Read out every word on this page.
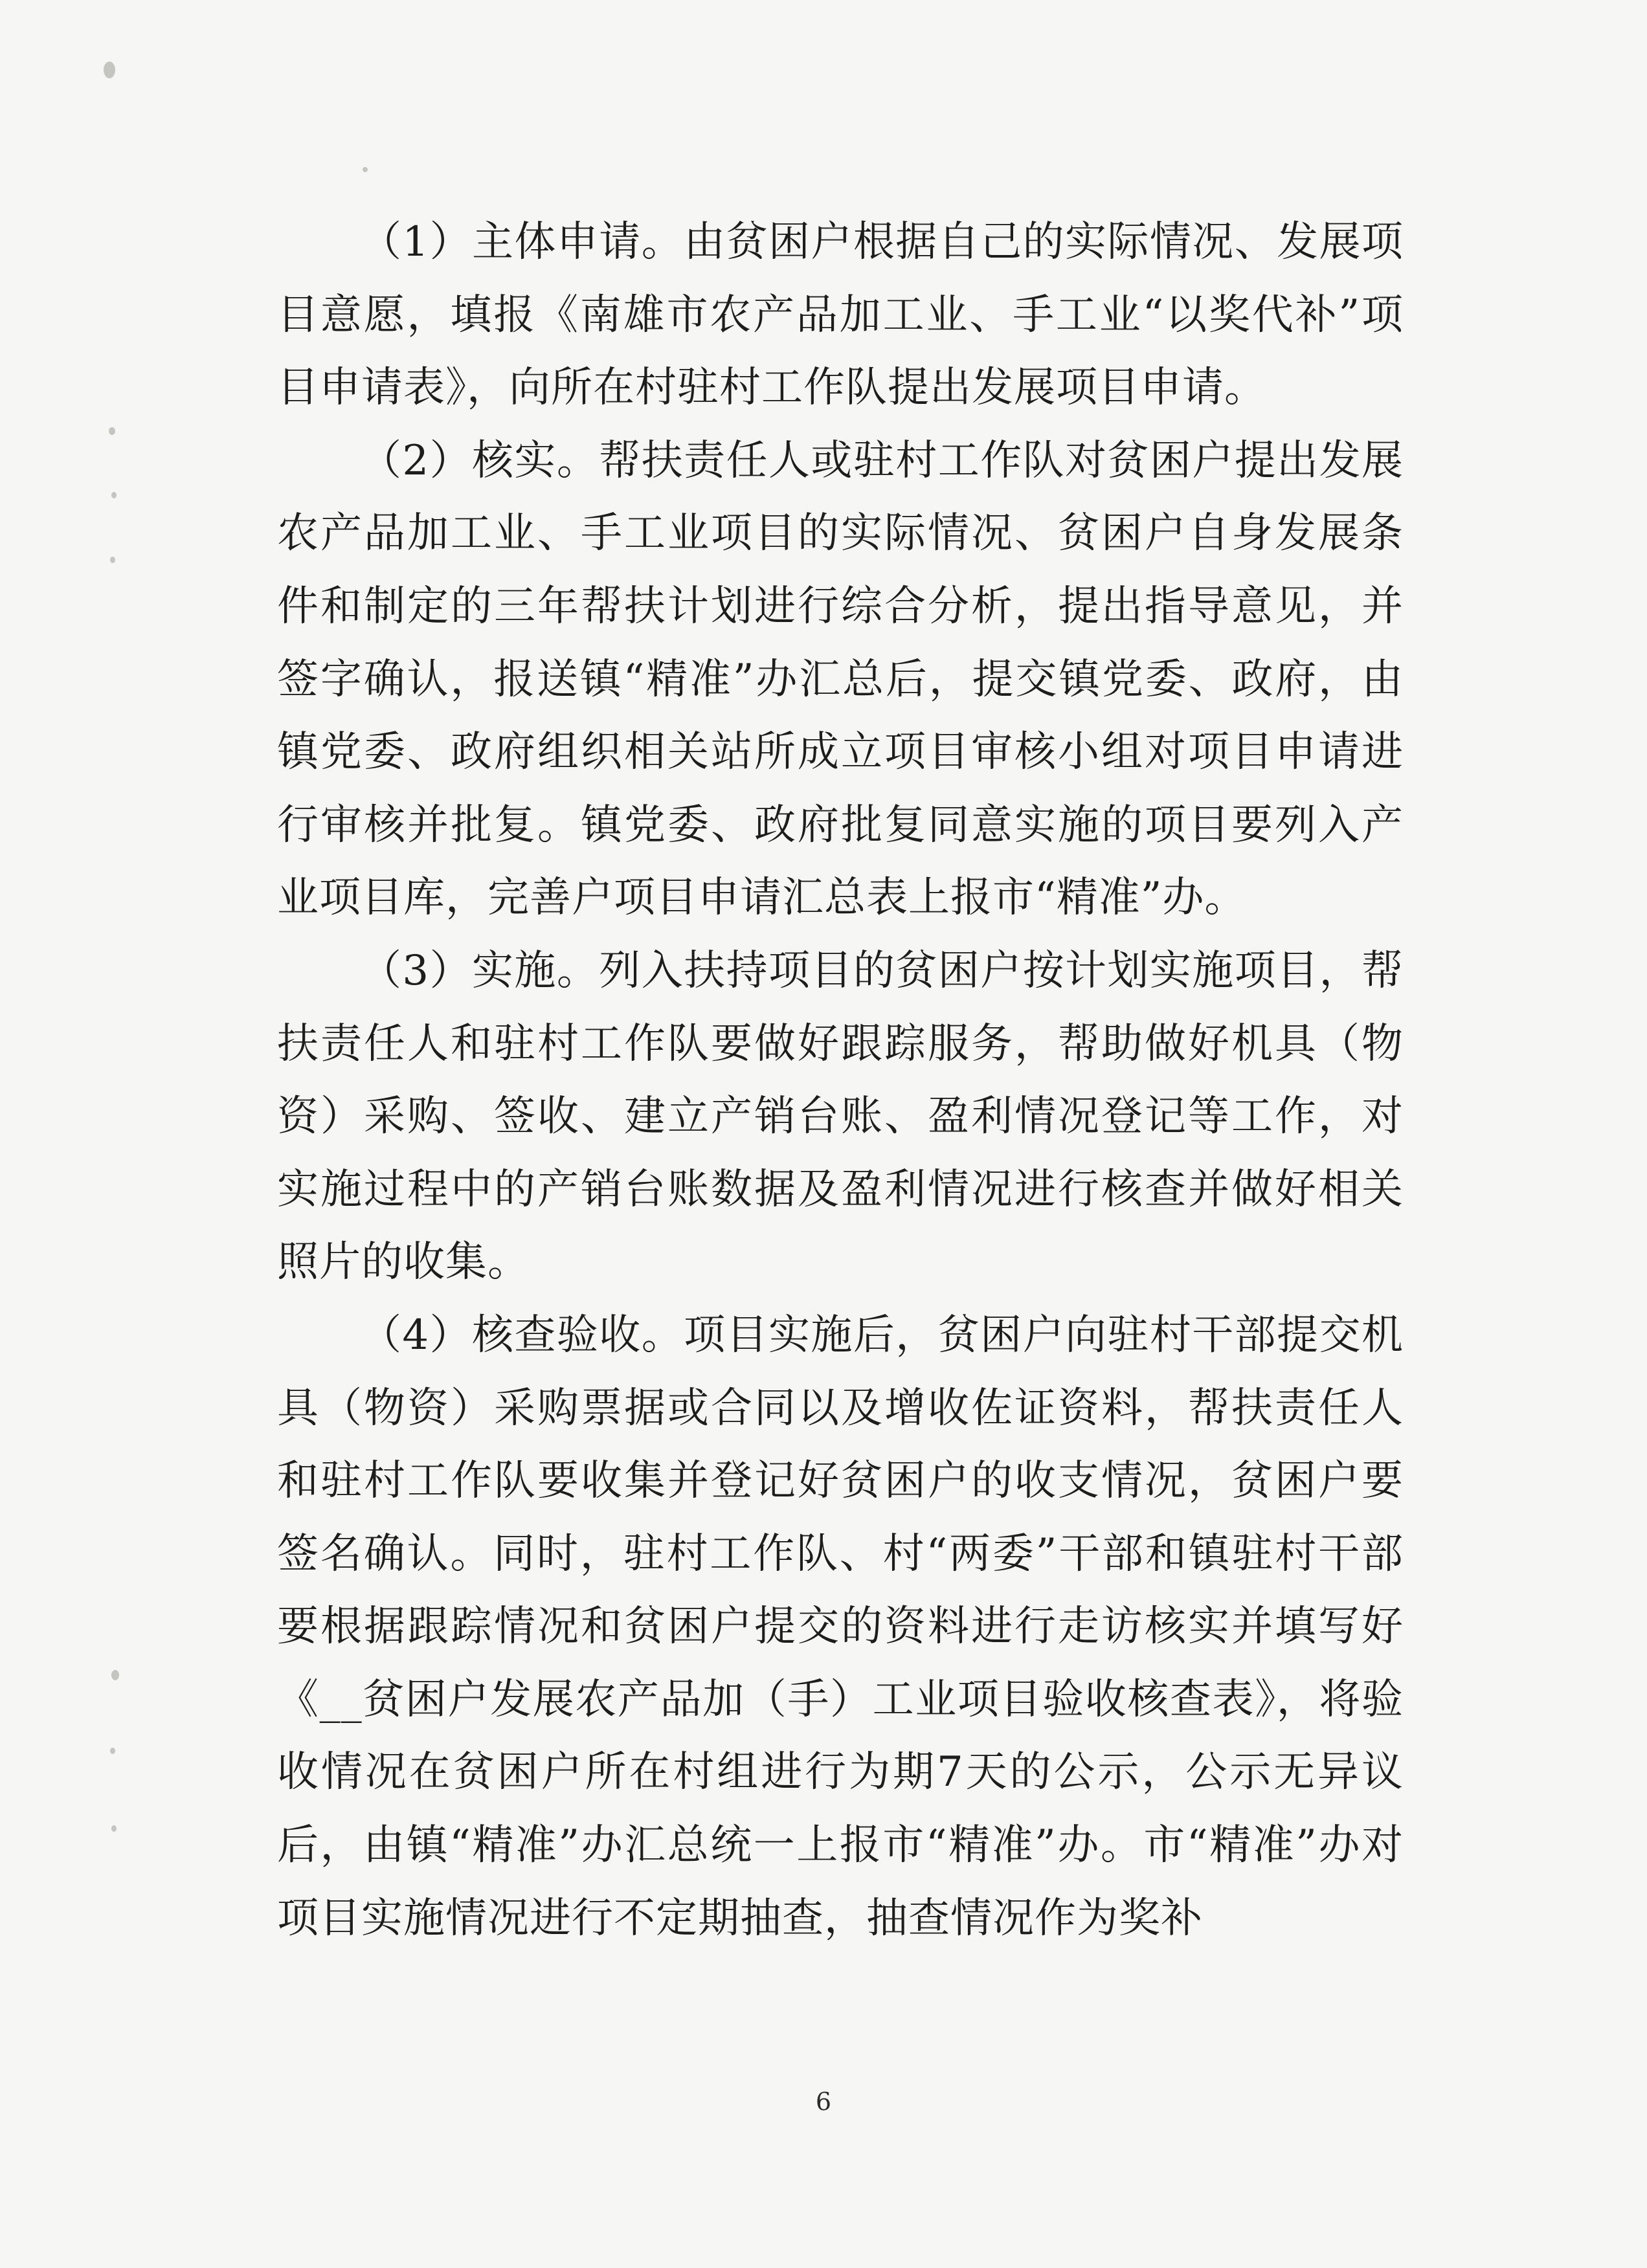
（1）主体申请。由贫困户根据自己的实际情况、发展项目意愿，填报《南雄市农产品加工业、手工业“以奖代补”项目申请表》，向所在村驻村工作队提出发展项目申请。

（2）核实。帮扶责任人或驻村工作队对贫困户提出发展农产品加工业、手工业项目的实际情况、贫困户自身发展条件和制定的三年帮扶计划进行综合分析，提出指导意见，并签字确认，报送镇“精准”办汇总后，提交镇党委、政府，由镇党委、政府组织相关站所成立项目审核小组对项目申请进行审核并批复。镇党委、政府批复同意实施的项目要列入产业项目库，完善户项目申请汇总表上报市“精准”办。

（3）实施。列入扶持项目的贫困户按计划实施项目，帮扶责任人和驻村工作队要做好跟踪服务，帮助做好机具（物资）采购、签收、建立产销台账、盈利情况登记等工作，对实施过程中的产销台账数据及盈利情况进行核查并做好相关照片的收集。

（4）核查验收。项目实施后，贫困户向驻村干部提交机具（物资）采购票据或合同以及增收佐证资料，帮扶责任人和驻村工作队要收集并登记好贫困户的收支情况，贫困户要签名确认。同时，驻村工作队、村“两委”干部和镇驻村干部要根据跟踪情况和贫困户提交的资料进行走访核实并填写好《__贫困户发展农产品加（手）工业项目验收核查表》，将验收情况在贫困户所在村组进行为期7天的公示，公示无异议后，由镇“精准”办汇总统一上报市“精准”办。市“精准”办对项目实施情况进行不定期抽查，抽查情况作为奖补

6
